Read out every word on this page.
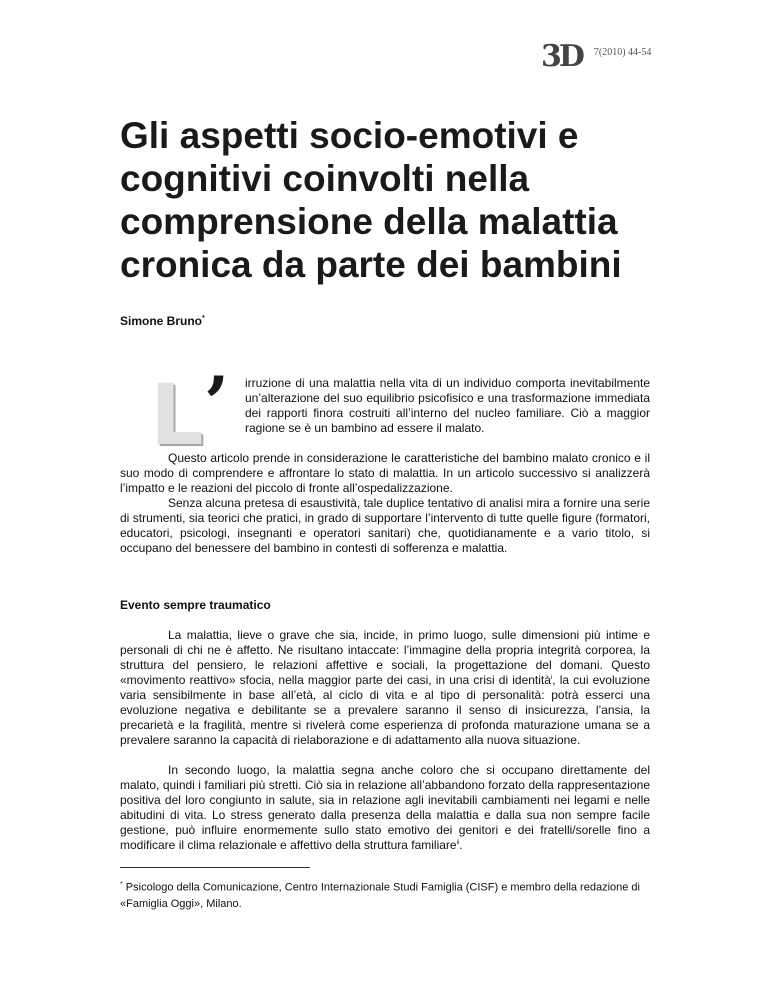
3D 7(2010) 44-54
Gli aspetti socio-emotivi e cognitivi coinvolti nella comprensione della malattia cronica da parte dei bambini

Simone Bruno*

L ’ irruzione di una malattia nella vita di un individuo comporta inevitabilmente un’alterazione del suo equilibrio psicofisico e una trasformazione immediata dei rapporti finora costruiti all’interno del nucleo familiare. Ciò a maggior ragione se è un bambino ad essere il malato.

Questo articolo prende in considerazione le caratteristiche del bambino malato cronico e il suo modo di comprendere e affrontare lo stato di malattia. In un articolo successivo si analizzerà l’impatto e le reazioni del piccolo di fronte all’ospedalizzazione.

Senza alcuna pretesa di esaustività, tale duplice tentativo di analisi mira a fornire una serie di strumenti, sia teorici che pratici, in grado di supportare l’intervento di tutte quelle figure (formatori, educatori, psicologi, insegnanti e operatori sanitari) che, quotidianamente e a vario titolo, si occupano del benessere del bambino in contesti di sofferenza e malattia.

Evento sempre traumatico

La malattia, lieve o grave che sia, incide, in primo luogo, sulle dimensioni più intime e personali di chi ne è affetto. Ne risultano intaccate: l’immagine della propria integrità corporea, la struttura del pensiero, le relazioni affettive e sociali, la progettazione del domani. Questo «movimento reattivo» sfocia, nella maggior parte dei casi, in una crisi di identità$^i$, la cui evoluzione varia sensibilmente in base all’età, al ciclo di vita e al tipo di personalità: potrà esserci una evoluzione negativa e debilitante se a prevalere saranno il senso di insicurezza, l’ansia, la precarietà e la fragilità, mentre si rivelerà come esperienza di profonda maturazione umana se a prevalere saranno la capacità di rielaborazione e di adattamento alla nuova situazione.

In secondo luogo, la malattia segna anche coloro che si occupano direttamente del malato, quindi i familiari più stretti. Ciò sia in relazione all’abbandono forzato della rappresentazione positiva del loro congiunto in salute, sia in relazione agli inevitabili cambiamenti nei legami e nelle abitudini di vita. Lo stress generato dalla presenza della malattia e dalla sua non sempre facile gestione, può influire enormemente sullo stato emotivo dei genitori e dei fratelli/sorelle fino a modificare il clima relazionale e affettivo della struttura familiare$^{ii}$.

* Psicologo della Comunicazione, Centro Internazionale Studi Famiglia (CISF) e membro della redazione di «Famiglia Oggi», Milano.
